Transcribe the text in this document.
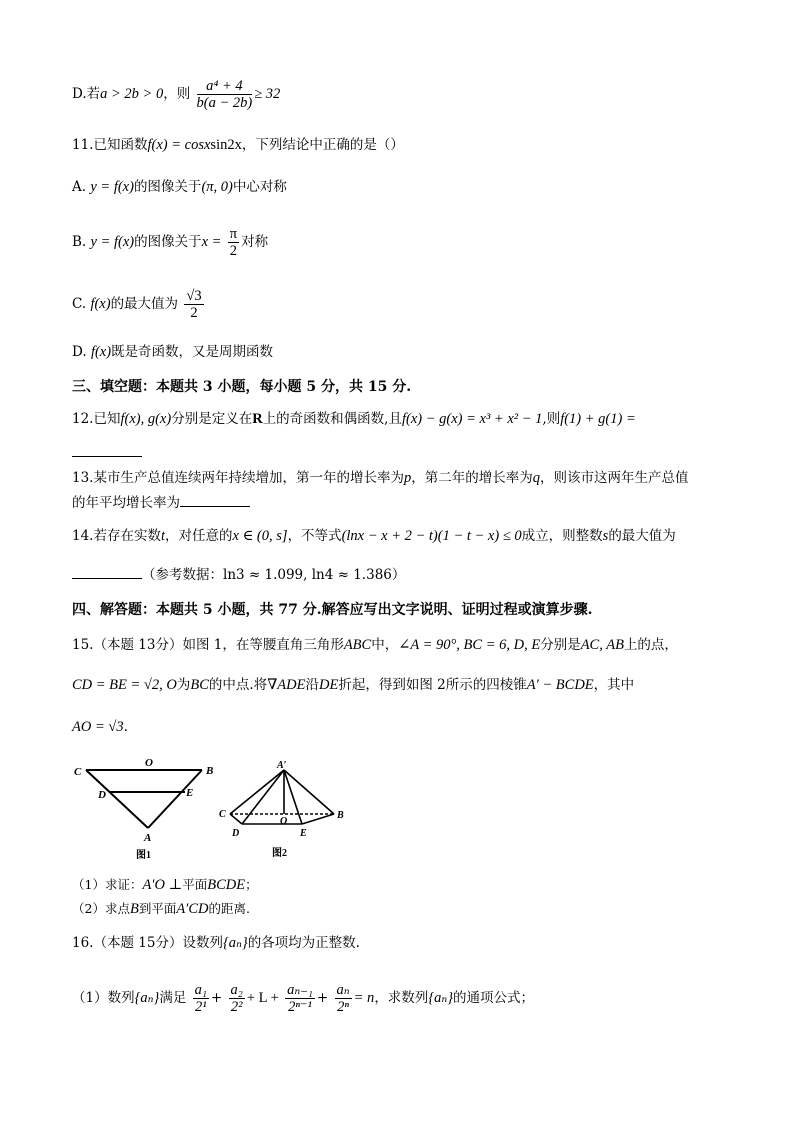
D.若a > 2b > 0，则 $\frac{\text{a⁴ + 4}}{b(a - 2b)} \ge 32$
11.已知函数f(x) = cosxsin2x，下列结论中正确的是（）
A. y = f(x)的图像关于(π, 0)中心对称
B. y = f(x)的图像关于$x = \frac{\pi}{2}$ 对称
C. f(x)的最大值为 $\frac{√3}{2}$
D. f(x)既是奇函数，又是周期函数
三、填空题：本题共 3 小题，每小题 5 分，共 15 分.
12.已知f(x), g(x)分别是定义在R上的奇函数和偶函数,且f(x) − g(x) = x³ + x² − 1,则f(1) + g(1) =
13.某市生产总值连续两年持续增加，第一年的增长率为p，第二年的增长率为q，则该市这两年生产总值
的年平均增长率为
14.若存在实数t，对任意的x ∈ (0, s]，不等式(lnx − x + 2 − t)(1 − t − x) ≤ 0成立，则整数s的最大值为
（参考数据：ln3 ≈ 1.099, ln4 ≈ 1.386）
四、解答题：本题共 5 小题，共 77 分.解答应写出文字说明、证明过程或演算步骤.
15.（本题 13分）如图 1，在等腰直角三角形ABC中，∠A = 90°, BC = 6, D, E分别是AC, AB上的点，
CD = BE = √2, O为BC的中点.将∇ADE沿DE折起，得到如图 2所示的四棱锥A′ − BCDE，其中
AO = √3.
C
O
B
D	E
A
图1
A′
C
O
B
D	E
图2
（1）求证：A′O ⊥平面BCDE；
（2）求点B到平面A′CD的距离.
16.（本题 15分）设数列{aₙ}的各项均为正整数.
（1）数列{aₙ}满足 $\frac{\text{a₁}}{\text{2¹}} + \frac{\text{a₂}}{\text{2²}} + L + \frac{\text{aₙ₋₁}}{\text{2ⁿ⁻¹}} + \frac{\text{aₙ}}{\text{2ⁿ}} = n$，求数列{aₙ}的通项公式；
